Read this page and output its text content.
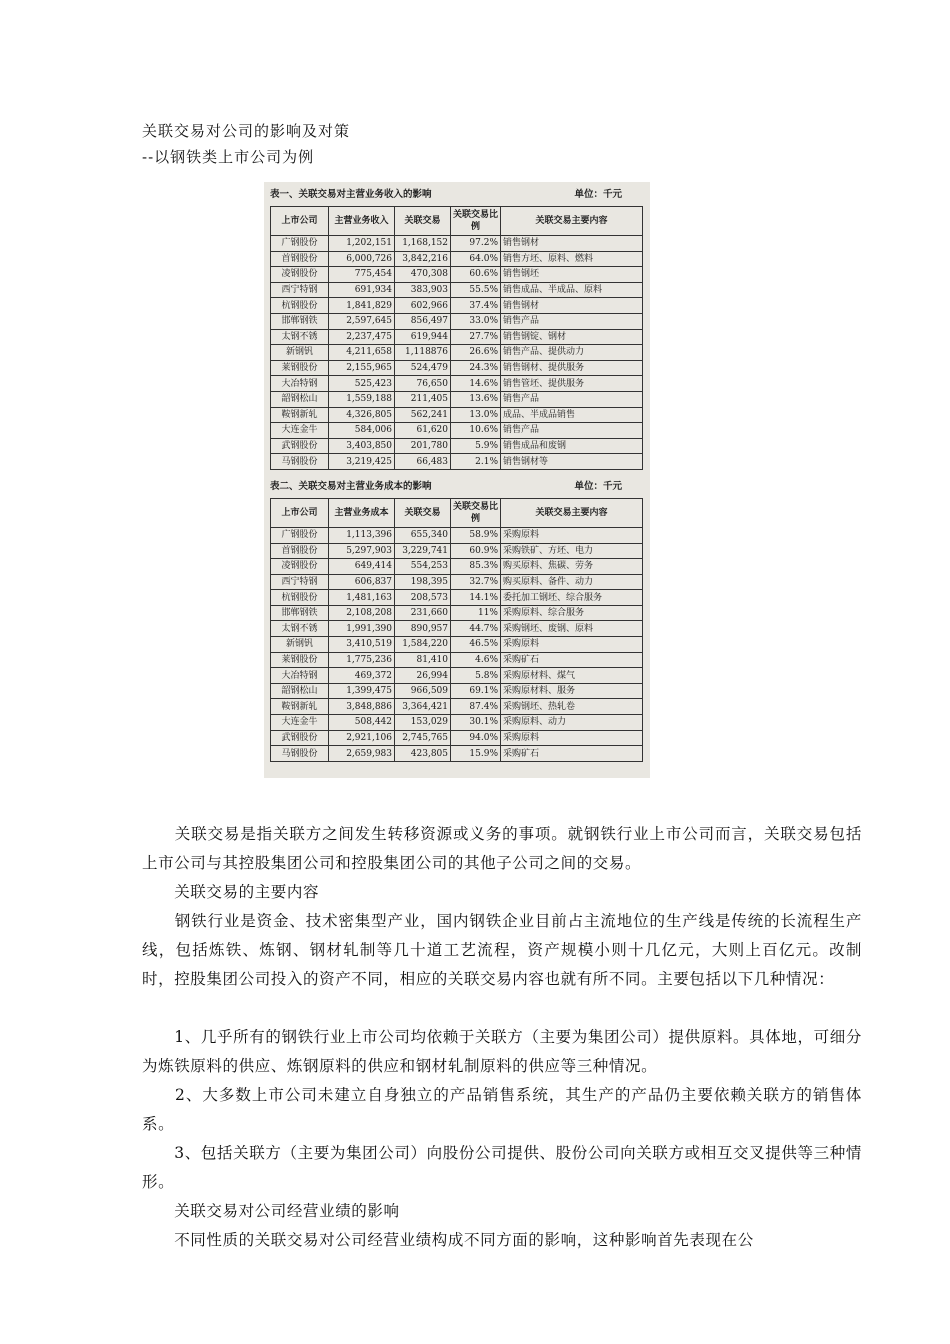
关联交易对公司的影响及对策
--以钢铁类上市公司为例
表一、关联交易对主营业务收入的影响	单位：千元
上市公司	主营业务收入	关联交易	关联交易比例	关联交易主要内容
广钢股份	1,202,151	1,168,152	97.2%	销售钢材
首钢股份	6,000,726	3,842,216	64.0%	销售方坯、原料、燃料
凌钢股份	775,454	470,308	60.6%	销售钢坯
西宁特钢	691,934	383,903	55.5%	销售成品、半成品、原料
杭钢股份	1,841,829	602,966	37.4%	销售钢材
邯郸钢铁	2,597,645	856,497	33.0%	销售产品
太钢不锈	2,237,475	619,944	27.7%	销售钢锭、钢材
新钢钒	4,211,658	1,118876	26.6%	销售产品、提供动力
莱钢股份	2,155,965	524,479	24.3%	销售钢材、提供服务
大冶特钢	525,423	76,650	14.6%	销售管坯、提供服务
韶钢松山	1,559,188	211,405	13.6%	销售产品
鞍钢新轧	4,326,805	562,241	13.0%	成品、半成品销售
大连金牛	584,006	61,620	10.6%	销售产品
武钢股份	3,403,850	201,780	5.9%	销售成品和废钢
马钢股份	3,219,425	66,483	2.1%	销售钢材等
表二、关联交易对主营业务成本的影响	单位：千元
上市公司	主营业务成本	关联交易	关联交易比例	关联交易主要内容
广钢股份	1,113,396	655,340	58.9%	采购原料
首钢股份	5,297,903	3,229,741	60.9%	采购铁矿、方坯、电力
凌钢股份	649,414	554,253	85.3%	购买原料、焦碳、劳务
西宁特钢	606,837	198,395	32.7%	购买原料、备件、动力
杭钢股份	1,481,163	208,573	14.1%	委托加工钢坯、综合服务
邯郸钢铁	2,108,208	231,660	11%	采购原料、综合服务
太钢不锈	1,991,390	890,957	44.7%	采购钢坯、废钢、原料
新钢钒	3,410,519	1,584,220	46.5%	采购原料
莱钢股份	1,775,236	81,410	4.6%	采购矿石
大冶特钢	469,372	26,994	5.8%	采购原材料、煤气
韶钢松山	1,399,475	966,509	69.1%	采购原材料、服务
鞍钢新轧	3,848,886	3,364,421	87.4%	采购钢坯、热轧卷
大连金牛	508,442	153,029	30.1%	采购原料、动力
武钢股份	2,921,106	2,745,765	94.0%	采购原料
马钢股份	2,659,983	423,805	15.9%	采购矿石

　　关联交易是指关联方之间发生转移资源或义务的事项。就钢铁行业上市公司而言，关联交易包括上市公司与其控股集团公司和控股集团公司的其他子公司之间的交易。

　　关联交易的主要内容

　　钢铁行业是资金、技术密集型产业，国内钢铁企业目前占主流地位的生产线是传统的长流程生产线，包括炼铁、炼钢、钢材轧制等几十道工艺流程，资产规模小则十几亿元，大则上百亿元。改制时，控股集团公司投入的资产不同，相应的关联交易内容也就有所不同。主要包括以下几种情况：

　　1、几乎所有的钢铁行业上市公司均依赖于关联方（主要为集团公司）提供原料。具体地，可细分为炼铁原料的供应、炼钢原料的供应和钢材轧制原料的供应等三种情况。

　　2、大多数上市公司未建立自身独立的产品销售系统，其生产的产品仍主要依赖关联方的销售体系。

　　3、包括关联方（主要为集团公司）向股份公司提供、股份公司向关联方或相互交叉提供等三种情形。

　　关联交易对公司经营业绩的影响

　　不同性质的关联交易对公司经营业绩构成不同方面的影响，这种影响首先表现在公
